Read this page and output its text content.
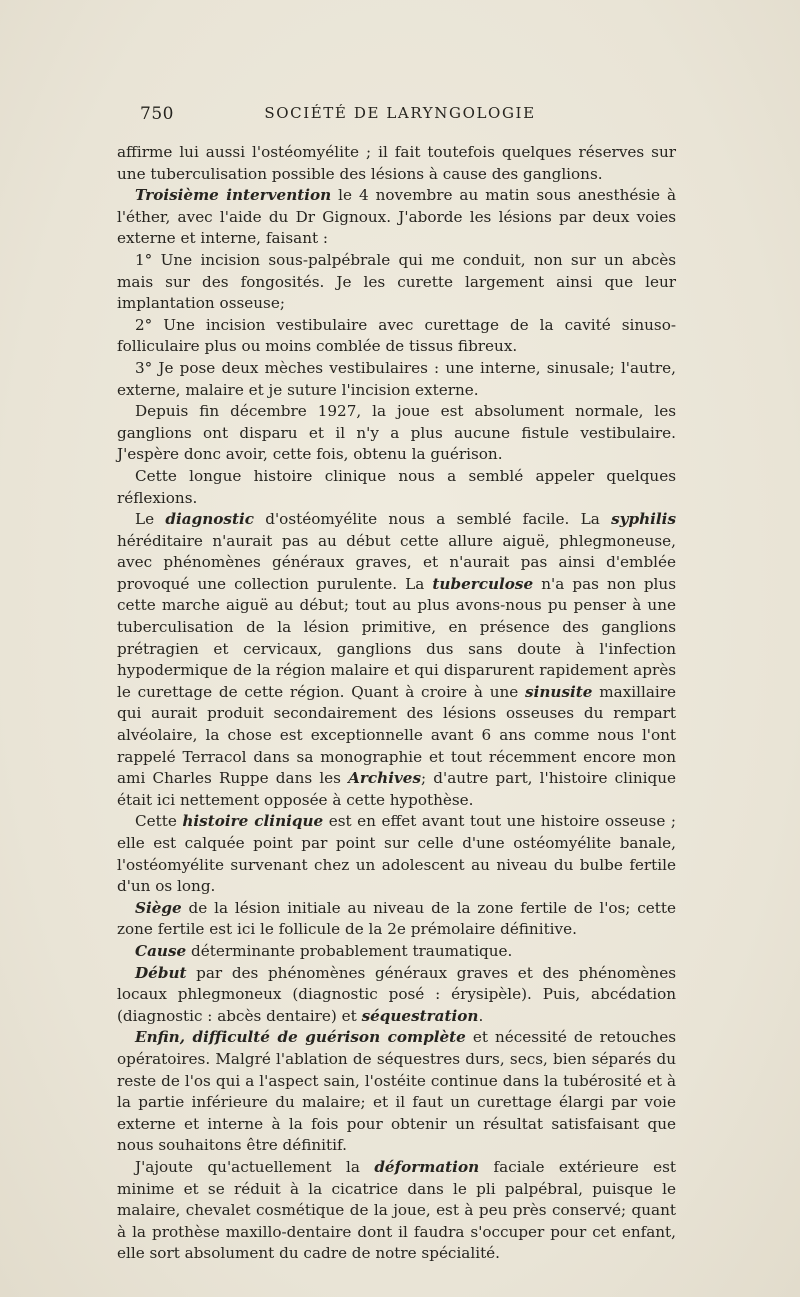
750	SOCIÉTÉ DE LARYNGOLOGIE

affirme lui aussi l'ostéomyélite ; il fait toutefois quelques réserves sur une tuberculisation possible des lésions à cause des ganglions.

Troisième intervention le 4 novembre au matin sous anesthésie à l'éther, avec l'aide du Dr Gignoux. J'aborde les lésions par deux voies externe et interne, faisant :

1° Une incision sous-palpébrale qui me conduit, non sur un abcès mais sur des fongosités. Je les curette largement ainsi que leur implantation osseuse;

2° Une incision vestibulaire avec curettage de la cavité sinuso-folliculaire plus ou moins comblée de tissus fibreux.

3° Je pose deux mèches vestibulaires : une interne, sinusale; l'autre, externe, malaire et je suture l'incision externe.

Depuis fin décembre 1927, la joue est absolument normale, les ganglions ont disparu et il n'y a plus aucune fistule vestibulaire. J'espère donc avoir, cette fois, obtenu la guérison.

Cette longue histoire clinique nous a semblé appeler quelques réflexions.

Le diagnostic d'ostéomyélite nous a semblé facile. La syphilis héréditaire n'aurait pas au début cette allure aiguë, phlegmoneuse, avec phénomènes généraux graves, et n'aurait pas ainsi d'emblée provoqué une collection purulente. La tuberculose n'a pas non plus cette marche aiguë au début; tout au plus avons-nous pu penser à une tuberculisation de la lésion primitive, en présence des ganglions prétragien et cervicaux, ganglions dus sans doute à l'infection hypodermique de la région malaire et qui disparurent rapidement après le curettage de cette région. Quant à croire à une sinusite maxillaire qui aurait produit secondairement des lésions osseuses du rempart alvéolaire, la chose est exceptionnelle avant 6 ans comme nous l'ont rappelé Terracol dans sa monographie et tout récemment encore mon ami Charles Ruppe dans les Archives; d'autre part, l'histoire clinique était ici nettement opposée à cette hypothèse.

Cette histoire clinique est en effet avant tout une histoire osseuse ; elle est calquée point par point sur celle d'une ostéomyélite banale, l'ostéomyélite survenant chez un adolescent au niveau du bulbe fertile d'un os long.

Siège de la lésion initiale au niveau de la zone fertile de l'os; cette zone fertile est ici le follicule de la 2e prémolaire définitive.

Cause déterminante probablement traumatique.

Début par des phénomènes généraux graves et des phénomènes locaux phlegmoneux (diagnostic posé : érysipèle). Puis, abcédation (diagnostic : abcès dentaire) et séquestration.

Enfin, difficulté de guérison complète et nécessité de retouches opératoires. Malgré l'ablation de séquestres durs, secs, bien séparés du reste de l'os qui a l'aspect sain, l'ostéite continue dans la tubérosité et à la partie inférieure du malaire; et il faut un curettage élargi par voie externe et interne à la fois pour obtenir un résultat satisfaisant que nous souhaitons être définitif.

J'ajoute qu'actuellement la déformation faciale extérieure est minime et se réduit à la cicatrice dans le pli palpébral, puisque le malaire, chevalet cosmétique de la joue, est à peu près conservé; quant à la prothèse maxillo-dentaire dont il faudra s'occuper pour cet enfant, elle sort absolument du cadre de notre spécialité.
